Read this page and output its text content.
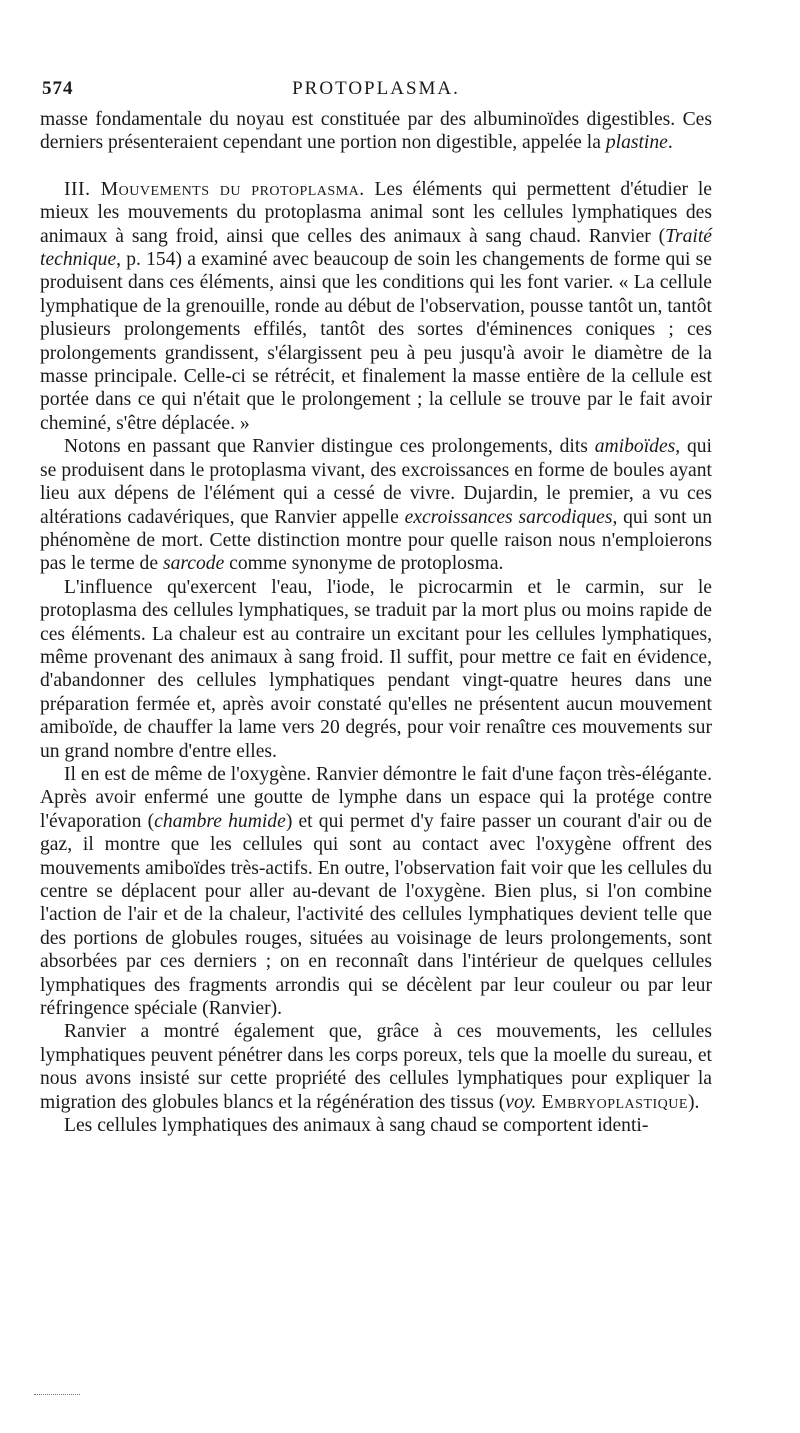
574	PROTOPLASMA.

masse fondamentale du noyau est constituée par des albuminoïdes digestibles. Ces derniers présenteraient cependant une portion non digestible, appelée la plastine.

III. Mouvements du protoplasma. Les éléments qui permettent d'étudier le mieux les mouvements du protoplasma animal sont les cellules lymphatiques des animaux à sang froid, ainsi que celles des animaux à sang chaud. Ranvier (Traité technique, p. 154) a examiné avec beaucoup de soin les changements de forme qui se produisent dans ces éléments, ainsi que les conditions qui les font varier. « La cellule lymphatique de la grenouille, ronde au début de l'observation, pousse tantôt un, tantôt plusieurs prolongements effilés, tantôt des sortes d'éminences coniques ; ces prolongements grandissent, s'élargissent peu à peu jusqu'à avoir le diamètre de la masse principale. Celle-ci se rétrécit, et finalement la masse entière de la cellule est portée dans ce qui n'était que le prolongement ; la cellule se trouve par le fait avoir cheminé, s'être déplacée. »

Notons en passant que Ranvier distingue ces prolongements, dits amiboïdes, qui se produisent dans le protoplasma vivant, des excroissances en forme de boules ayant lieu aux dépens de l'élément qui a cessé de vivre. Dujardin, le premier, a vu ces altérations cadavériques, que Ranvier appelle excroissances sarcodiques, qui sont un phénomène de mort. Cette distinction montre pour quelle raison nous n'emploierons pas le terme de sarcode comme synonyme de protoplosma.

L'influence qu'exercent l'eau, l'iode, le picrocarmin et le carmin, sur le protoplasma des cellules lymphatiques, se traduit par la mort plus ou moins rapide de ces éléments. La chaleur est au contraire un excitant pour les cellules lymphatiques, même provenant des animaux à sang froid. Il suffit, pour mettre ce fait en évidence, d'abandonner des cellules lymphatiques pendant vingt-quatre heures dans une préparation fermée et, après avoir constaté qu'elles ne présentent aucun mouvement amiboïde, de chauffer la lame vers 20 degrés, pour voir renaître ces mouvements sur un grand nombre d'entre elles.

Il en est de même de l'oxygène. Ranvier démontre le fait d'une façon très-élégante. Après avoir enfermé une goutte de lymphe dans un espace qui la protége contre l'évaporation (chambre humide) et qui permet d'y faire passer un courant d'air ou de gaz, il montre que les cellules qui sont au contact avec l'oxygène offrent des mouvements amiboïdes très-actifs. En outre, l'observation fait voir que les cellules du centre se déplacent pour aller au-devant de l'oxygène. Bien plus, si l'on combine l'action de l'air et de la chaleur, l'activité des cellules lymphatiques devient telle que des portions de globules rouges, situées au voisinage de leurs prolongements, sont absorbées par ces derniers ; on en reconnaît dans l'intérieur de quelques cellules lymphatiques des fragments arrondis qui se décèlent par leur couleur ou par leur réfringence spéciale (Ranvier).

Ranvier a montré également que, grâce à ces mouvements, les cellules lymphatiques peuvent pénétrer dans les corps poreux, tels que la moelle du sureau, et nous avons insisté sur cette propriété des cellules lymphatiques pour expliquer la migration des globules blancs et la régénération des tissus (voy. Embryoplastique).

Les cellules lymphatiques des animaux à sang chaud se comportent identi-
